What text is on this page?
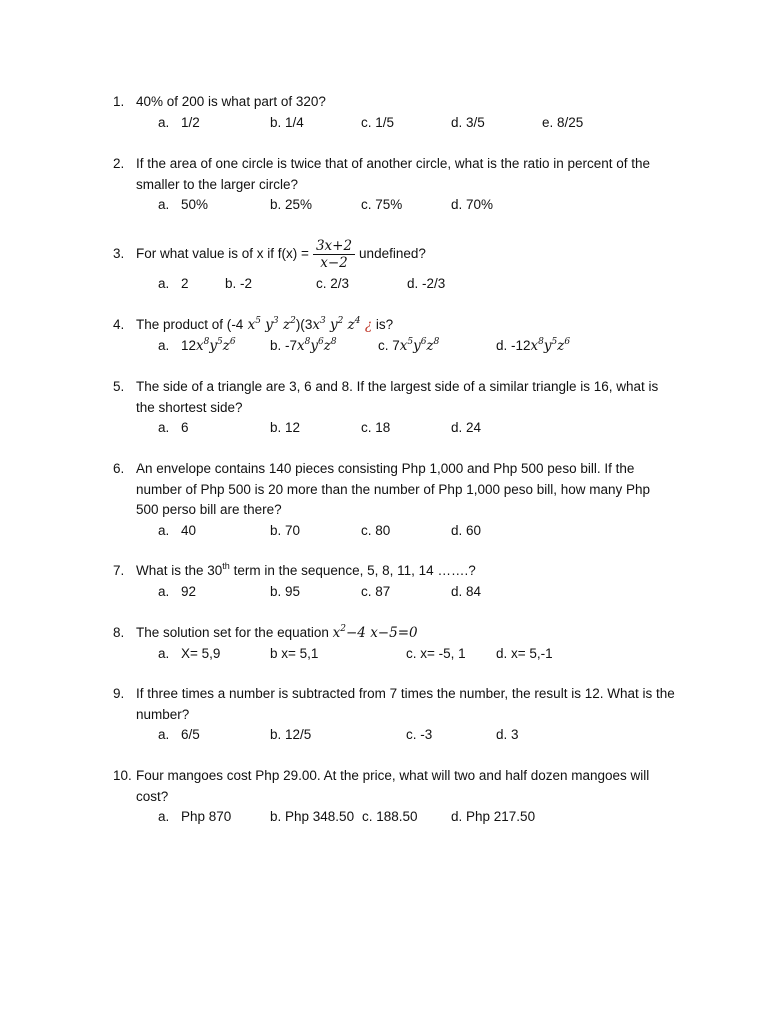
1. 40% of 200 is what part of 320?
a. 1/2	b. 1/4	c. 1/5	d. 3/5	e. 8/25
2. If the area of one circle is twice that of another circle, what is the ratio in percent of the smaller to the larger circle?
a. 50%	b. 25%	c. 75%	d. 70%
3. For what value is of x if $f(x) = \frac{3x+2}{x-2}$ undefined?
a. 2	b. -2	c. 2/3	d. -2/3
4. The product of (-4 $x^5$ $y^3$ $z^2)(3x^3$ $y^2$ $z^4$ ¿ is?
a. $12x^8y^5z^6$	b. $-7x^8y^6z^8$	c. $7x^5y^6z^8$	d. $-12x^8y^5z^6$
5. The side of a triangle are 3, 6 and 8. If the largest side of a similar triangle is 16, what is the shortest side?
a. 6	b. 12	c. 18	d. 24
6. An envelope contains 140 pieces consisting Php 1,000 and Php 500 peso bill. If the number of Php 500 is 20 more than the number of Php 1,000 peso bill, how many Php 500 perso bill are there?
a. 40	b. 70	c. 80	d. 60
7. What is the 30th term in the sequence, 5, 8, 11, 14 …….?
a. 92	b. 95	c. 87	d. 84
8. The solution set for the equation $x^2-4$ x−5=0
a. X= 5,9	b x= 5,1	c. x= -5, 1 d. x= 5,-1
9. If three times a number is subtracted from 7 times the number, the result is 12. What is the number?
a. 6/5	b. 12/5	c. -3	d. 3
10. Four mangoes cost Php 29.00. At the price, what will two and half dozen mangoes will cost?
a. Php 870	b. Php 348.50 c. 188.50 d. Php 217.50
